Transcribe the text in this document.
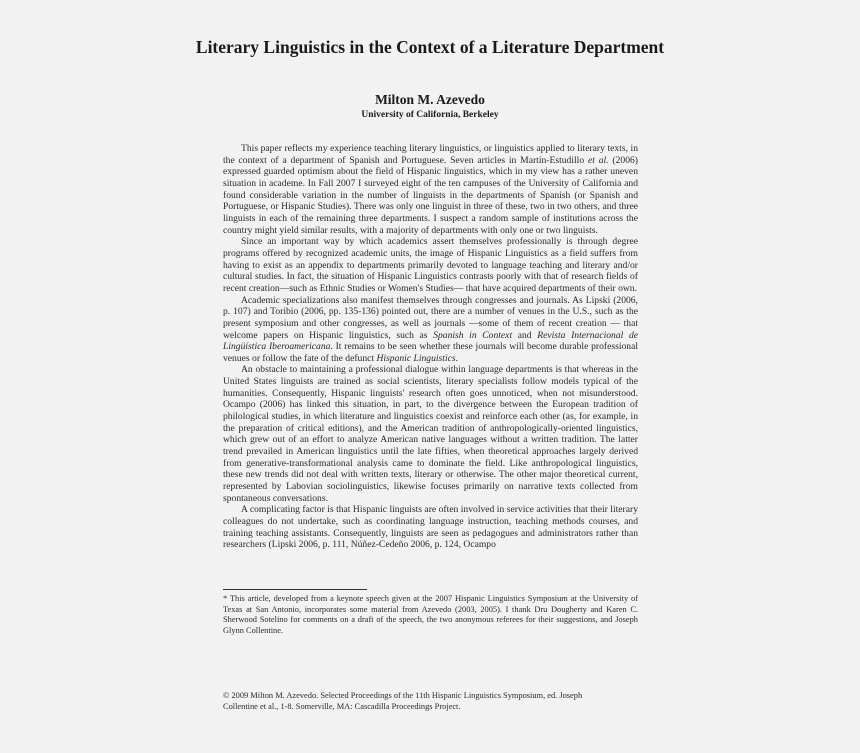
Literary Linguistics in the Context of a Literature Department
Milton M. Azevedo
University of California, Berkeley

This paper reflects my experience teaching literary linguistics, or linguistics applied to literary texts, in the context of a department of Spanish and Portuguese. Seven articles in Martín-Estudillo et al. (2006) expressed guarded optimism about the field of Hispanic linguistics, which in my view has a rather uneven situation in academe. In Fall 2007 I surveyed eight of the ten campuses of the University of California and found considerable variation in the number of linguists in the departments of Spanish (or Spanish and Portuguese, or Hispanic Studies). There was only one linguist in three of these, two in two others, and three linguists in each of the remaining three departments. I suspect a random sample of institutions across the country might yield similar results, with a majority of departments with only one or two linguists.

Since an important way by which academics assert themselves professionally is through degree programs offered by recognized academic units, the image of Hispanic Linguistics as a field suffers from having to exist as an appendix to departments primarily devoted to language teaching and literary and/or cultural studies. In fact, the situation of Hispanic Linguistics contrasts poorly with that of research fields of recent creation—such as Ethnic Studies or Women's Studies— that have acquired departments of their own.

Academic specializations also manifest themselves through congresses and journals. As Lipski (2006, p. 107) and Toribio (2006, pp. 135-136) pointed out, there are a number of venues in the U.S., such as the present symposium and other congresses, as well as journals —some of them of recent creation — that welcome papers on Hispanic linguistics, such as Spanish in Context and Revista Internacional de Lingüística Iberoamericana. It remains to be seen whether these journals will become durable professional venues or follow the fate of the defunct Hispanic Linguistics.

An obstacle to maintaining a professional dialogue within language departments is that whereas in the United States linguists are trained as social scientists, literary specialists follow models typical of the humanities. Consequently, Hispanic linguists' research often goes unnoticed, when not misunderstood. Ocampo (2006) has linked this situation, in part, to the divergence between the European tradition of philological studies, in which literature and linguistics coexist and reinforce each other (as, for example, in the preparation of critical editions), and the American tradition of anthropologically-oriented linguistics, which grew out of an effort to analyze American native languages without a written tradition. The latter trend prevailed in American linguistics until the late fifties, when theoretical approaches largely derived from generative-transformational analysis came to dominate the field. Like anthropological linguistics, these new trends did not deal with written texts, literary or otherwise. The other major theoretical current, represented by Labovian sociolinguistics, likewise focuses primarily on narrative texts collected from spontaneous conversations.

A complicating factor is that Hispanic linguists are often involved in service activities that their literary colleagues do not undertake, such as coordinating language instruction, teaching methods courses, and training teaching assistants. Consequently, linguists are seen as pedagogues and administrators rather than researchers (Lipski 2006, p. 111, Núñez-Cedeño 2006, p. 124, Ocampo

* This article, developed from a keynote speech given at the 2007 Hispanic Linguistics Symposium at the University of Texas at San Antonio, incorporates some material from Azevedo (2003, 2005). I thank Dru Dougherty and Karen C. Sherwood Sotelino for comments on a draft of the speech, the two anonymous referees for their suggestions, and Joseph Glynn Collentine.
© 2009 Milton M. Azevedo. Selected Proceedings of the 11th Hispanic Linguistics Symposium, ed. Joseph
Collentine et al., 1-8. Somerville, MA: Cascadilla Proceedings Project.
